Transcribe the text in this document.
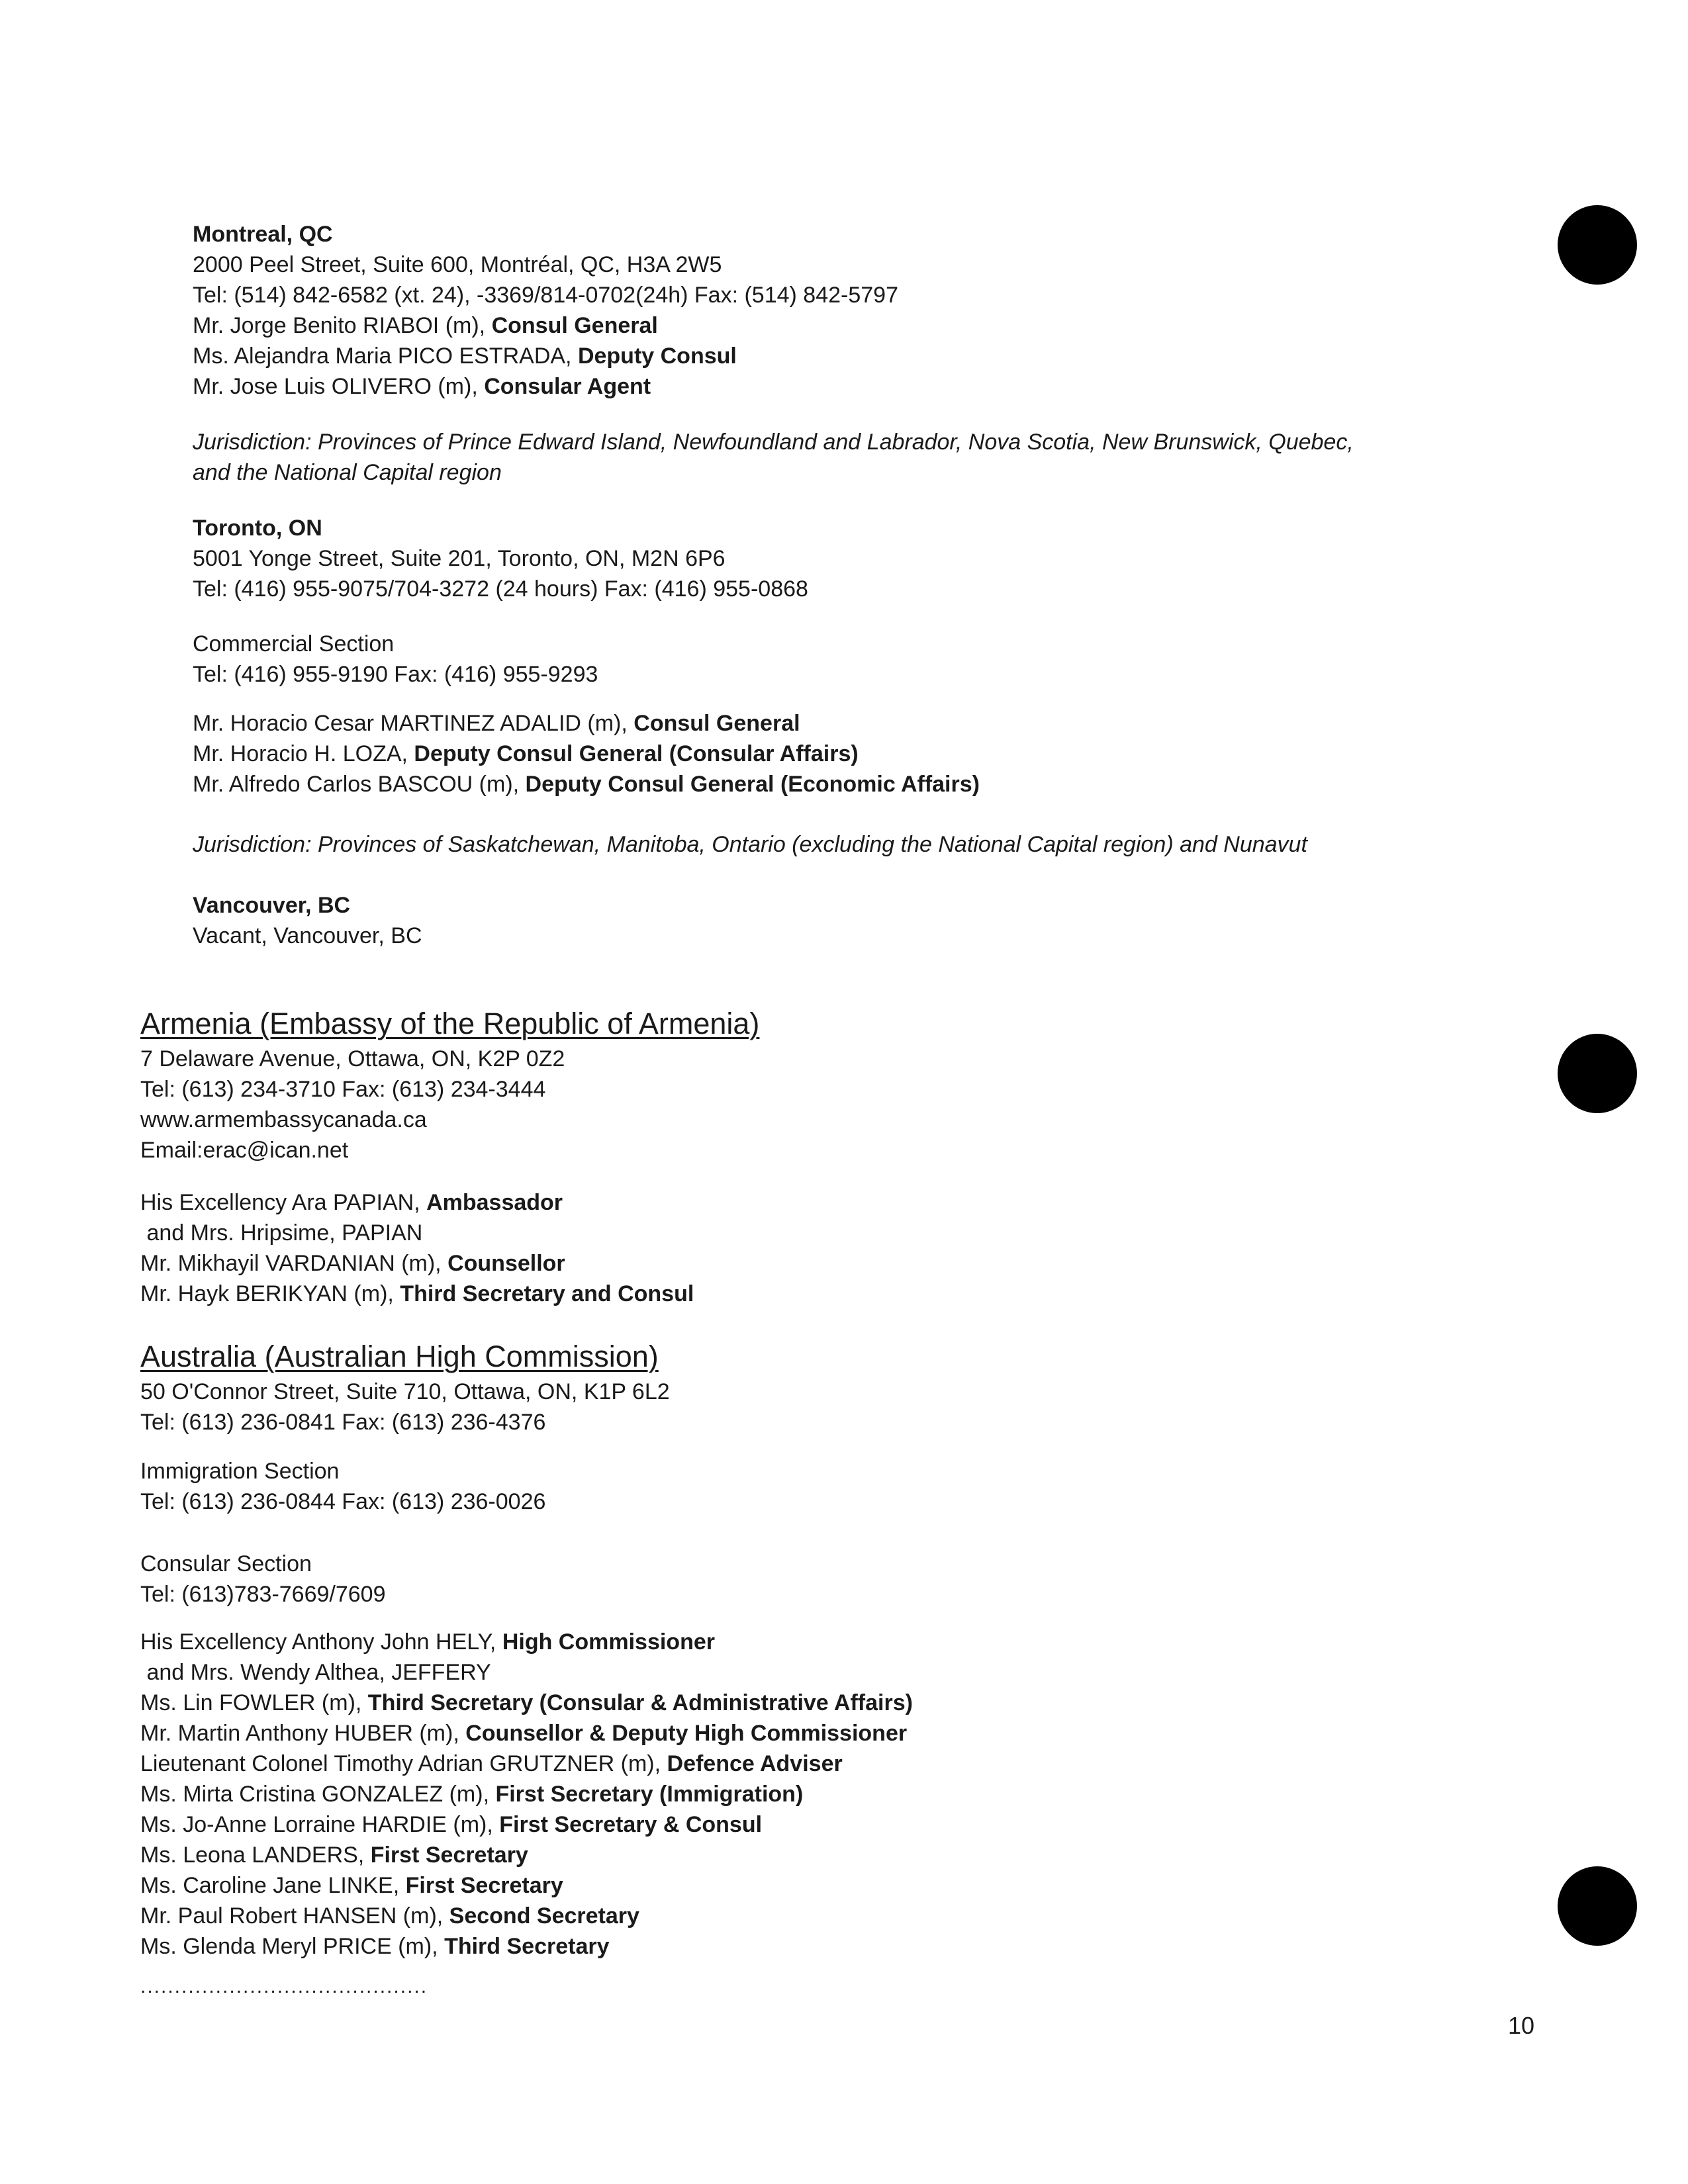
Montreal, QC
2000 Peel Street, Suite 600, Montréal, QC, H3A 2W5
Tel: (514) 842-6582 (xt. 24), -3369/814-0702(24h) Fax: (514) 842-5797
Mr. Jorge Benito RIABOI (m), Consul General
Ms. Alejandra Maria PICO ESTRADA, Deputy Consul
Mr. Jose Luis OLIVERO (m), Consular Agent
Jurisdiction: Provinces of Prince Edward Island, Newfoundland and Labrador, Nova Scotia, New Brunswick, Quebec,
and the National Capital region
Toronto, ON
5001 Yonge Street, Suite 201, Toronto, ON, M2N 6P6
Tel: (416) 955-9075/704-3272 (24 hours) Fax: (416) 955-0868
Commercial Section
Tel: (416) 955-9190 Fax: (416) 955-9293
Mr. Horacio Cesar MARTINEZ ADALID (m), Consul General
Mr. Horacio H. LOZA, Deputy Consul General (Consular Affairs)
Mr. Alfredo Carlos BASCOU (m), Deputy Consul General (Economic Affairs)
Jurisdiction: Provinces of Saskatchewan, Manitoba, Ontario (excluding the National Capital region) and Nunavut
Vancouver, BC
Vacant, Vancouver, BC
Armenia (Embassy of the Republic of Armenia)
7 Delaware Avenue, Ottawa, ON, K2P 0Z2
Tel: (613) 234-3710 Fax: (613) 234-3444
www.armembassycanada.ca
Email:erac@ican.net
His Excellency Ara PAPIAN, Ambassador
and Mrs. Hripsime, PAPIAN
Mr. Mikhayil VARDANIAN (m), Counsellor
Mr. Hayk BERIKYAN (m), Third Secretary and Consul
Australia (Australian High Commission)
50 O'Connor Street, Suite 710, Ottawa, ON, K1P 6L2
Tel: (613) 236-0841 Fax: (613) 236-4376
Immigration Section
Tel: (613) 236-0844 Fax: (613) 236-0026
Consular Section
Tel: (613)783-7669/7609
His Excellency Anthony John HELY, High Commissioner
and Mrs. Wendy Althea, JEFFERY
Ms. Lin FOWLER (m), Third Secretary (Consular & Administrative Affairs)
Mr. Martin Anthony HUBER (m), Counsellor & Deputy High Commissioner
Lieutenant Colonel Timothy Adrian GRUTZNER (m), Defence Adviser
Ms. Mirta Cristina GONZALEZ (m), First Secretary (Immigration)
Ms. Jo-Anne Lorraine HARDIE (m), First Secretary & Consul
Ms. Leona LANDERS, First Secretary
Ms. Caroline Jane LINKE, First Secretary
Mr. Paul Robert HANSEN (m), Second Secretary
Ms. Glenda Meryl PRICE (m), Third Secretary
..........................................
10
